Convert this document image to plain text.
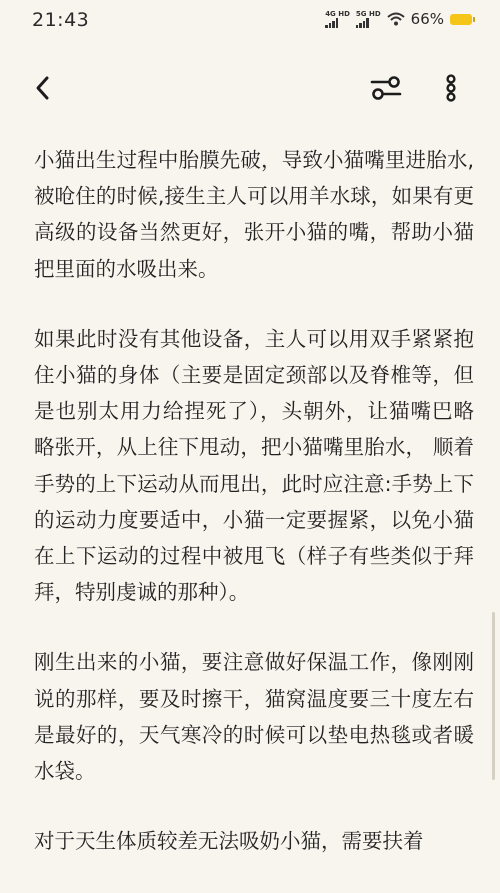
21:43	4G HD 5G HD 66%

小猫出生过程中胎膜先破，导致小猫嘴里进胎水,被呛住的时候,接生主人可以用羊水球，如果有更高级的设备当然更好，张开小猫的嘴，帮助小猫把里面的水吸出来。

如果此时没有其他设备，主人可以用双手紧紧抱住小猫的身体（主要是固定颈部以及脊椎等，但是也别太用力给捏死了），头朝外，让猫嘴巴略略张开，从上往下甩动，把小猫嘴里胎水， 顺着手势的上下运动从而甩出，此时应注意:手势上下的运动力度要适中，小猫一定要握紧，以免小猫在上下运动的过程中被甩飞（样子有些类似于拜拜，特别虔诚的那种）。

刚生出来的小猫，要注意做好保温工作，像刚刚说的那样，要及时擦干，猫窝温度要三十度左右是最好的，天气寒冷的时候可以垫电热毯或者暖水袋。

对于天生体质较差无法吸奶小猫，需要扶着
